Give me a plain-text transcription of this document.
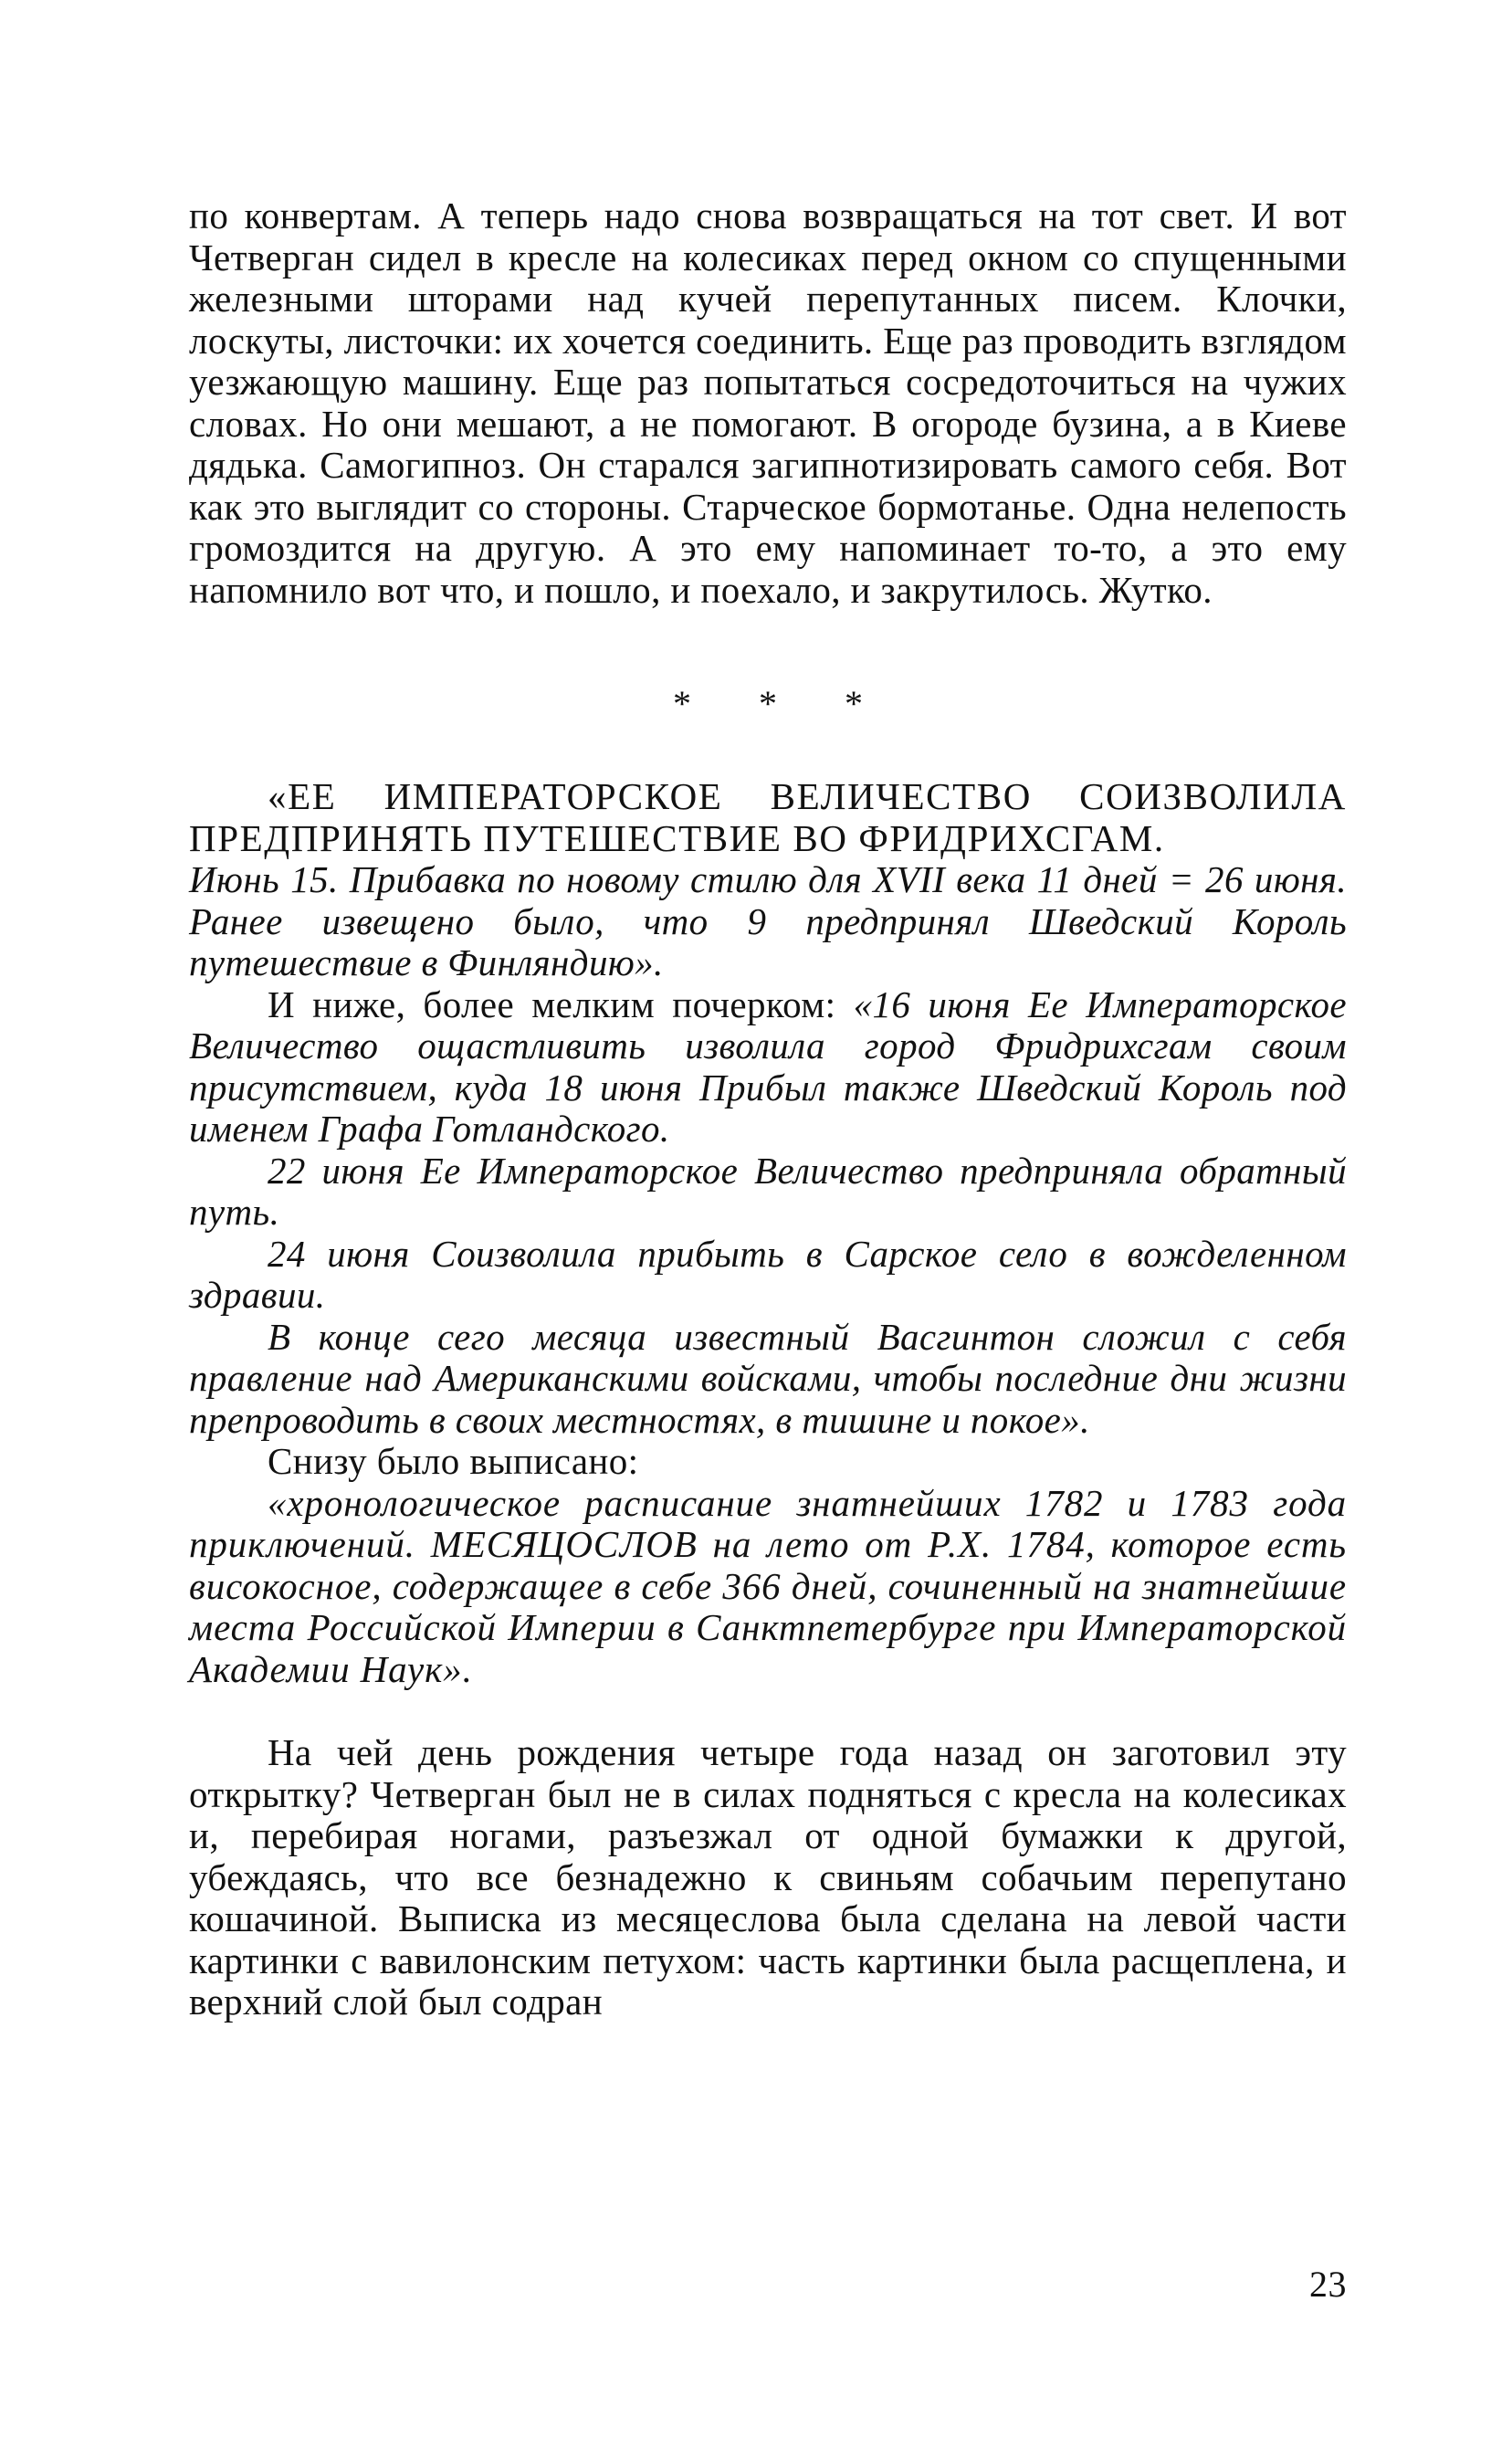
по конвертам. А теперь надо снова возвращаться на тот свет. И вот Четверган сидел в кресле на колесиках перед окном со спущенными железными шторами над кучей перепутанных писем. Клочки, лоскуты, листочки: их хочется соединить. Еще раз проводить взглядом уезжающую машину. Еще раз попытаться сосредоточиться на чужих словах. Но они мешают, а не помогают. В огороде бузина, а в Киеве дядька. Самогипноз. Он старался загипнотизировать самого себя. Вот как это выглядит со стороны. Старческое бормотанье. Одна нелепость громоздится на другую. А это ему напоминает то-то, а это ему напомнило вот что, и пошло, и поехало, и закрутилось. Жутко.

* * *

«ЕЕ ИМПЕРАТОРСКОЕ ВЕЛИЧЕСТВО СОИЗВОЛИЛА ПРЕДПРИНЯТЬ ПУТЕШЕСТВИЕ ВО ФРИДРИХСГАМ.

Июнь 15. Прибавка по новому стилю для XVII века 11 дней = 26 июня. Ранее извещено было, что 9 предпринял Шведский Король путешествие в Финляндию».

И ниже, более мелким почерком: «16 июня Ее Императорское Величество ощастливить изволила город Фридрихсгам своим присутствием, куда 18 июня Прибыл также Шведский Король под именем Графа Готландского.

22 июня Ее Императорское Величество предприняла обратный путь.

24 июня Соизволила прибыть в Сарское село в вожделенном здравии.

В конце сего месяца известный Васгинтон сложил с себя правление над Американскими войсками, чтобы последние дни жизни препроводить в своих местностях, в тишине и покое».

Снизу было выписано:

«хронологическое расписание знатнейших 1782 и 1783 года приключений. МЕСЯЦОСЛОВ на лето от Р.Х. 1784, которое есть високосное, содержащее в себе 366 дней, сочиненный на знатнейшие места Российской Империи в Санктпетербурге при Императорской Академии Наук».

На чей день рождения четыре года назад он заготовил эту открытку? Четверган был не в силах подняться с кресла на колесиках и, перебирая ногами, разъезжал от одной бумажки к другой, убеждаясь, что все безнадежно к свиньям собачьим перепутано кошачиной. Выписка из месяцеслова была сделана на левой части картинки с вавилонским петухом: часть картинки была расщеплена, и верхний слой был содран

23
